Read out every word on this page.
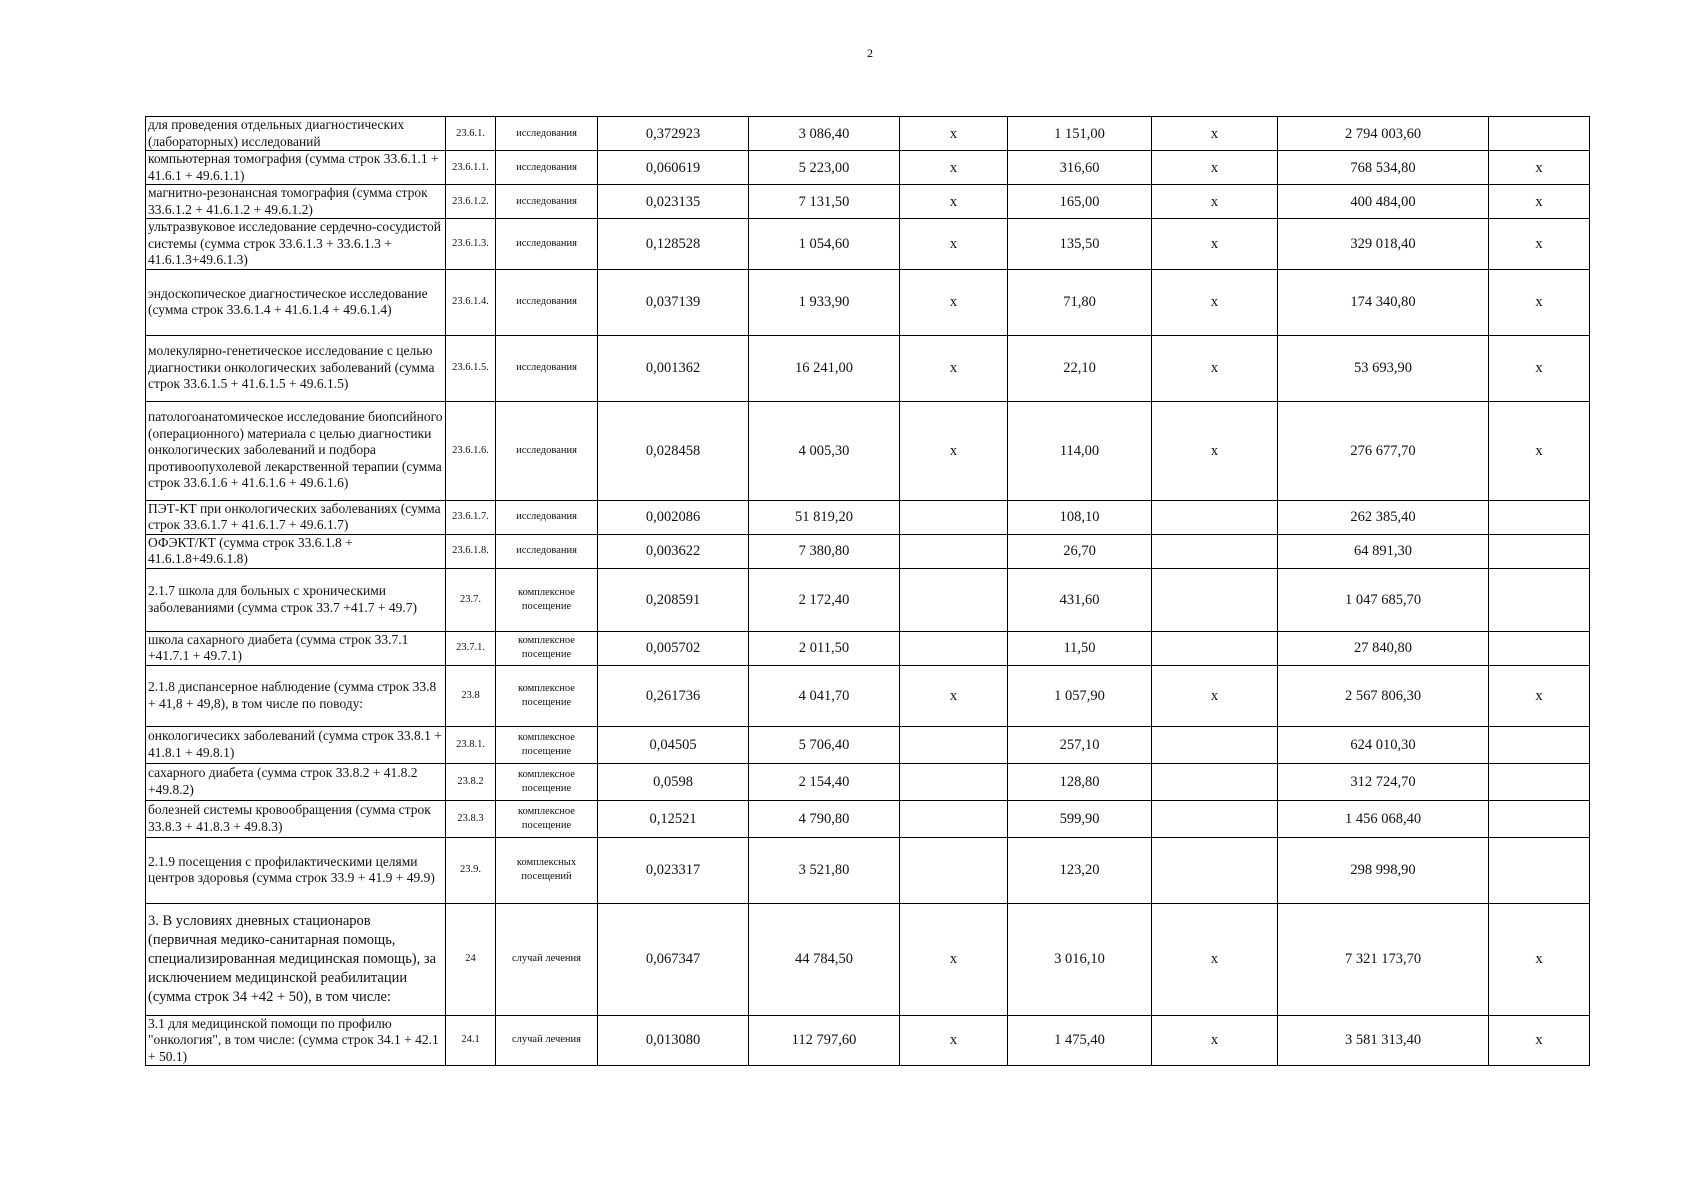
2
для проведения отдельных диагностических (лабораторных) исследований	23.6.1.	исследования	0,372923	3 086,40	x	1 151,00	x	2 794 003,60	
компьютерная томография (сумма строк 33.6.1.1 + 41.6.1 + 49.6.1.1)	23.6.1.1.	исследования	0,060619	5 223,00	x	316,60	x	768 534,80	x
магнитно-резонансная томография (сумма строк 33.6.1.2 + 41.6.1.2 + 49.6.1.2)	23.6.1.2.	исследования	0,023135	7 131,50	x	165,00	x	400 484,00	x
ультразвуковое исследование сердечно-сосудистой системы (сумма строк 33.6.1.3 + 33.6.1.3 + 41.6.1.3+49.6.1.3)	23.6.1.3.	исследования	0,128528	1 054,60	x	135,50	x	329 018,40	x
эндоскопическое диагностическое исследование (сумма строк 33.6.1.4 + 41.6.1.4 + 49.6.1.4)	23.6.1.4.	исследования	0,037139	1 933,90	x	71,80	x	174 340,80	x
молекулярно-генетическое исследование с целью диагностики онкологических заболеваний (сумма строк 33.6.1.5 + 41.6.1.5 + 49.6.1.5)	23.6.1.5.	исследования	0,001362	16 241,00	x	22,10	x	53 693,90	x
патологоанатомическое исследование биопсийного (операционного) материала с целью диагностики онкологических заболеваний и подбора противоопухолевой лекарственной терапии (сумма строк 33.6.1.6 + 41.6.1.6 + 49.6.1.6)	23.6.1.6.	исследования	0,028458	4 005,30	x	114,00	x	276 677,70	x
ПЭТ-КТ при онкологических заболеваниях (сумма строк 33.6.1.7 + 41.6.1.7 + 49.6.1.7)	23.6.1.7.	исследования	0,002086	51 819,20		108,10		262 385,40	
ОФЭКТ/КТ (сумма строк 33.6.1.8 + 41.6.1.8+49.6.1.8)	23.6.1.8.	исследования	0,003622	7 380,80		26,70		64 891,30	
2.1.7 школа для больных с хроническими заболеваниями (сумма строк 33.7 +41.7 + 49.7)	23.7.	комплексное посещение	0,208591	2 172,40		431,60		1 047 685,70	
школа сахарного диабета (сумма строк 33.7.1 +41.7.1 + 49.7.1)	23.7.1.	комплексное посещение	0,005702	2 011,50		11,50		27 840,80	
2.1.8 диспансерное наблюдение (сумма строк 33.8 + 41,8 + 49,8), в том числе по поводу:	23.8	комплексное посещение	0,261736	4 041,70	x	1 057,90	x	2 567 806,30	x
онкологичесикх заболеваний (сумма строк 33.8.1 + 41.8.1 + 49.8.1)	23.8.1.	комплексное посещение	0,04505	5 706,40		257,10		624 010,30	
сахарного диабета (сумма строк 33.8.2 + 41.8.2 +49.8.2)	23.8.2	комплексное посещение	0,0598	2 154,40		128,80		312 724,70	
болезней системы кровообращения (сумма строк 33.8.3 + 41.8.3 + 49.8.3)	23.8.3	комплексное посещение	0,12521	4 790,80		599,90		1 456 068,40	
2.1.9 посещения с профилактическими целями центров здоровья (сумма строк 33.9 + 41.9 + 49.9)	23.9.	комплексных посещений	0,023317	3 521,80		123,20		298 998,90	
3. В условиях дневных стационаров (первичная медико-санитарная помощь, специализированная медицинская помощь), за исключением медицинской реабилитации (сумма строк 34 +42 + 50), в том числе:	24	случай лечения	0,067347	44 784,50	x	3 016,10	x	7 321 173,70	x
3.1 для медицинской помощи по профилю "онкология", в том числе: (сумма строк 34.1 + 42.1 + 50.1)	24.1	случай лечения	0,013080	112 797,60	x	1 475,40	x	3 581 313,40	x
